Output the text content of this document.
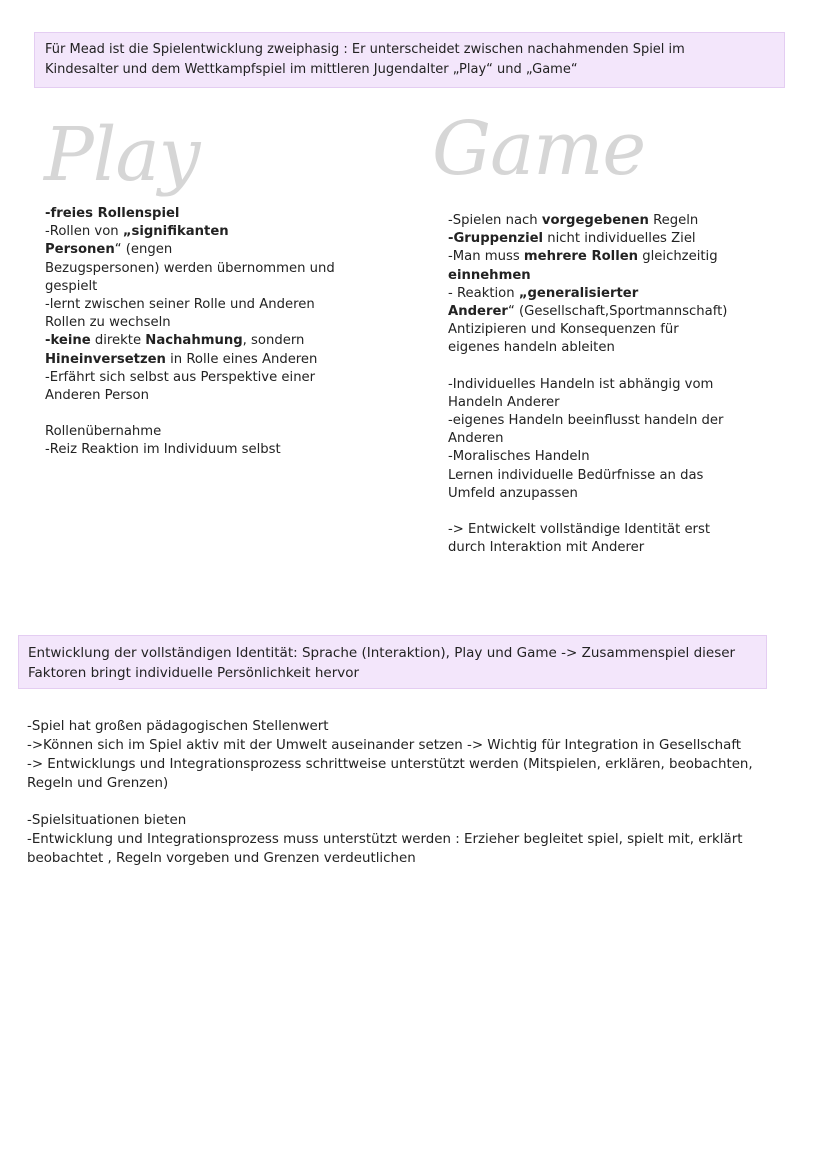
Für Mead ist die Spielentwicklung zweiphasig : Er unterscheidet zwischen nachahmenden Spiel im
Kindesalter und dem Wettkampfspiel im mittleren Jugendalter „Play“ und „Game“
Play	Game
-freies Rollenspiel
-Rollen von „signifikanten
Personen“ (engen
Bezugspersonen) werden übernommen und
gespielt
-lernt zwischen seiner Rolle und Anderen
Rollen zu wechseln
-keine direkte Nachahmung, sondern
Hineinversetzen in Rolle eines Anderen
-Erfährt sich selbst aus Perspektive einer
Anderen Person
Rollenübernahme
-Reiz Reaktion im Individuum selbst
-Spielen nach vorgegebenen Regeln
-Gruppenziel nicht individuelles Ziel
-Man muss mehrere Rollen gleichzeitig
einnehmen
- Reaktion „generalisierter
Anderer“ (Gesellschaft,Sportmannschaft)
Antizipieren und Konsequenzen für
eigenes handeln ableiten
-Individuelles Handeln ist abhängig vom
Handeln Anderer
-eigenes Handeln beeinflusst handeln der
Anderen
-Moralisches Handeln
Lernen individuelle Bedürfnisse an das
Umfeld anzupassen
-> Entwickelt vollständige Identität erst
durch Interaktion mit Anderer
Entwicklung der vollständigen Identität: Sprache (Interaktion), Play und Game -> Zusammenspiel dieser
Faktoren bringt individuelle Persönlichkeit hervor
-Spiel hat großen pädagogischen Stellenwert
->Können sich im Spiel aktiv mit der Umwelt auseinander setzen -> Wichtig für Integration in Gesellschaft
-> Entwicklungs und Integrationsprozess schrittweise unterstützt werden (Mitspielen, erklären, beobachten,
Regeln und Grenzen)
-Spielsituationen bieten
-Entwicklung und Integrationsprozess muss unterstützt werden : Erzieher begleitet spiel, spielt mit, erklärt
beobachtet , Regeln vorgeben und Grenzen verdeutlichen
